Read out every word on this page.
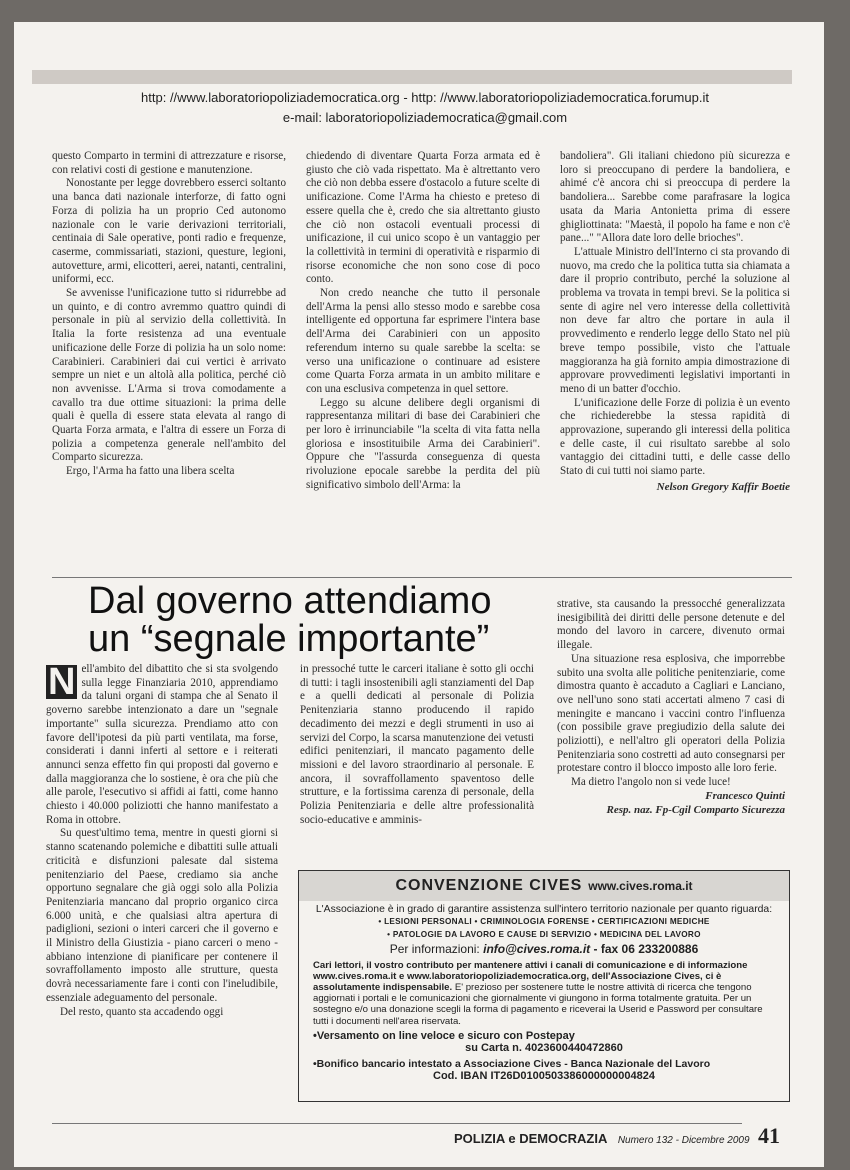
http: //www.laboratoriopoliziademocratica.org - http: //www.laboratoriopoliziademocratica.forumup.it
e-mail: laboratoriopoliziademocratica@gmail.com

questo Comparto in termini di attrezzature e risorse, con relativi costi di gestione e manutenzione.

Nonostante per legge dovrebbero esserci soltanto una banca dati nazionale interforze, di fatto ogni Forza di polizia ha un proprio Ced autonomo nazionale con le varie derivazioni territoriali, centinaia di Sale operative, ponti radio e frequenze, caserme, commissariati, stazioni, questure, legioni, autovetture, armi, elicotteri, aerei, natanti, centralini, uniformi, ecc.

Se avvenisse l'unificazione tutto si ridurrebbe ad un quinto, e di contro avremmo quattro quindi di personale in più al servizio della collettività. In Italia la forte resistenza ad una eventuale unificazione delle Forze di polizia ha un solo nome: Carabinieri. Carabinieri dai cui vertici è arrivato sempre un niet e un altolà alla politica, perché ciò non avvenisse. L'Arma si trova comodamente a cavallo tra due ottime situazioni: la prima delle quali è quella di essere stata elevata al rango di Quarta Forza armata, e l'altra di essere un Forza di polizia a competenza generale nell'ambito del Comparto sicurezza.

Ergo, l'Arma ha fatto una libera scelta

chiedendo di diventare Quarta Forza armata ed è giusto che ciò vada rispettato. Ma è altrettanto vero che ciò non debba essere d'ostacolo a future scelte di unificazione. Come l'Arma ha chiesto e preteso di essere quella che è, credo che sia altrettanto giusto che ciò non ostacoli eventuali processi di unificazione, il cui unico scopo è un vantaggio per la collettività in termini di operatività e risparmio di risorse economiche che non sono cose di poco conto.

Non credo neanche che tutto il personale dell'Arma la pensi allo stesso modo e sarebbe cosa intelligente ed opportuna far esprimere l'intera base dell'Arma dei Carabinieri con un apposito referendum interno su quale sarebbe la scelta: se verso una unificazione o continuare ad esistere come Quarta Forza armata in un ambito militare e con una esclusiva competenza in quel settore.

Leggo su alcune delibere degli organismi di rappresentanza militari di base dei Carabinieri che per loro è irrinunciabile "la scelta di vita fatta nella gloriosa e insostituibile Arma dei Carabinieri". Oppure che "l'assurda conseguenza di questa rivoluzione epocale sarebbe la perdita del più significativo simbolo dell'Arma: la

bandoliera". Gli italiani chiedono più sicurezza e loro si preoccupano di perdere la bandoliera, e ahimé c'è ancora chi si preoccupa di perdere la bandoliera... Sarebbe come parafrasare la logica usata da Maria Antonietta prima di essere ghigliottinata: "Maestà, il popolo ha fame e non c'è pane..." "Allora date loro delle brioches".

L'attuale Ministro dell'Interno ci sta provando di nuovo, ma credo che la politica tutta sia chiamata a dare il proprio contributo, perché la soluzione al problema va trovata in tempi brevi. Se la politica si sente di agire nel vero interesse della collettività non deve far altro che portare in aula il provvedimento e renderlo legge dello Stato nel più breve tempo possibile, visto che l'attuale maggioranza ha già fornito ampia dimostrazione di approvare provvedimenti legislativi importanti in meno di un batter d'occhio.

L'unificazione delle Forze di polizia è un evento che richiederebbe la stessa rapidità di approvazione, superando gli interessi della politica e delle caste, il cui risultato sarebbe al solo vantaggio dei cittadini tutti, e delle casse dello Stato di cui tutti noi siamo parte.

Nelson Gregory Kaffir Boetie
Dal governo attendiamo
un “segnale importante”

N ell'ambito del dibattito che si sta svolgendo sulla legge Finanziaria 2010, apprendiamo da taluni organi di stampa che al Senato il governo sarebbe intenzionato a dare un "segnale importante" sulla sicurezza. Prendiamo atto con favore dell'ipotesi da più parti ventilata, ma forse, considerati i danni inferti al settore e i reiterati annunci senza effetto fin qui proposti dal governo e dalla maggioranza che lo sostiene, è ora che più che alle parole, l'esecutivo si affidi ai fatti, come hanno chiesto i 40.000 poliziotti che hanno manifestato a Roma in ottobre.

Su quest'ultimo tema, mentre in questi giorni si stanno scatenando polemiche e dibattiti sulle attuali criticità e disfunzioni palesate dal sistema penitenziario del Paese, crediamo sia anche opportuno segnalare che già oggi solo alla Polizia Penitenziaria mancano dal proprio organico circa 6.000 unità, e che qualsiasi altra apertura di padiglioni, sezioni o interi carceri che il governo e il Ministro della Giustizia - piano carceri o meno - abbiano intenzione di pianificare per contenere il sovraffollamento imposto alle strutture, questa dovrà necessariamente fare i conti con l'ineludibile, essenziale adeguamento del personale.

Del resto, quanto sta accadendo oggi

in pressoché tutte le carceri italiane è sotto gli occhi di tutti: i tagli insostenibili agli stanziamenti del Dap e a quelli dedicati al personale di Polizia Penitenziaria stanno producendo il rapido decadimento dei mezzi e degli strumenti in uso ai servizi del Corpo, la scarsa manutenzione dei vetusti edifici penitenziari, il mancato pagamento delle missioni e del lavoro straordinario al personale. E ancora, il sovraffollamento spaventoso delle strutture, e la fortissima carenza di personale, della Polizia Penitenziaria e delle altre professionalità socio-educative e amminis-

strative, sta causando la pressocché generalizzata inesigibilità dei diritti delle persone detenute e del mondo del lavoro in carcere, divenuto ormai illegale.

Una situazione resa esplosiva, che imporrebbe subito una svolta alle politiche penitenziarie, come dimostra quanto è accaduto a Cagliari e Lanciano, ove nell'uno sono stati accertati almeno 7 casi di meningite e mancano i vaccini contro l'influenza (con possibile grave pregiudizio della salute dei poliziotti), e nell'altro gli operatori della Polizia Penitenziaria sono costretti ad auto consegnarsi per protestare contro il blocco imposto alle loro ferie.

Ma dietro l'angolo non si vede luce!

Francesco Quinti
Resp. naz. Fp-Cgil Comparto Sicurezza
CONVENZIONE CIVES www.cives.roma.it
L'Associazione è in grado di garantire assistenza sull'intero territorio nazionale per quanto riguarda:
• LESIONI PERSONALI • CRIMINOLOGIA FORENSE • CERTIFICAZIONI MEDICHE
• PATOLOGIE DA LAVORO E CAUSE DI SERVIZIO • MEDICINA DEL LAVORO
Per informazioni: info@cives.roma.it - fax 06 233200886
Cari lettori, il vostro contributo per mantenere attivi i canali di comunicazione e di informazione www.cives.roma.it e www.laboratoriopoliziademocratica.org, dell'Associazione Cives, ci è assolutamente indispensabile. E' prezioso per sostenere tutte le nostre attività di ricerca che tengono aggiornati i portali e le comunicazioni che giornalmente vi giungono in forma totalmente gratuita. Per un sostegno e/o una donazione scegli la forma di pagamento e riceverai la Userid e Password per consultare tutti i documenti nell'area riservata.
•Versamento on line veloce e sicuro con Postepay
su Carta n. 4023600440472860
•Bonifico bancario intestato a Associazione Cives - Banca Nazionale del Lavoro
Cod. IBAN IT26D0100503386000000004824
POLIZIA e DEMOCRAZIA Numero 132 - Dicembre 2009 41
